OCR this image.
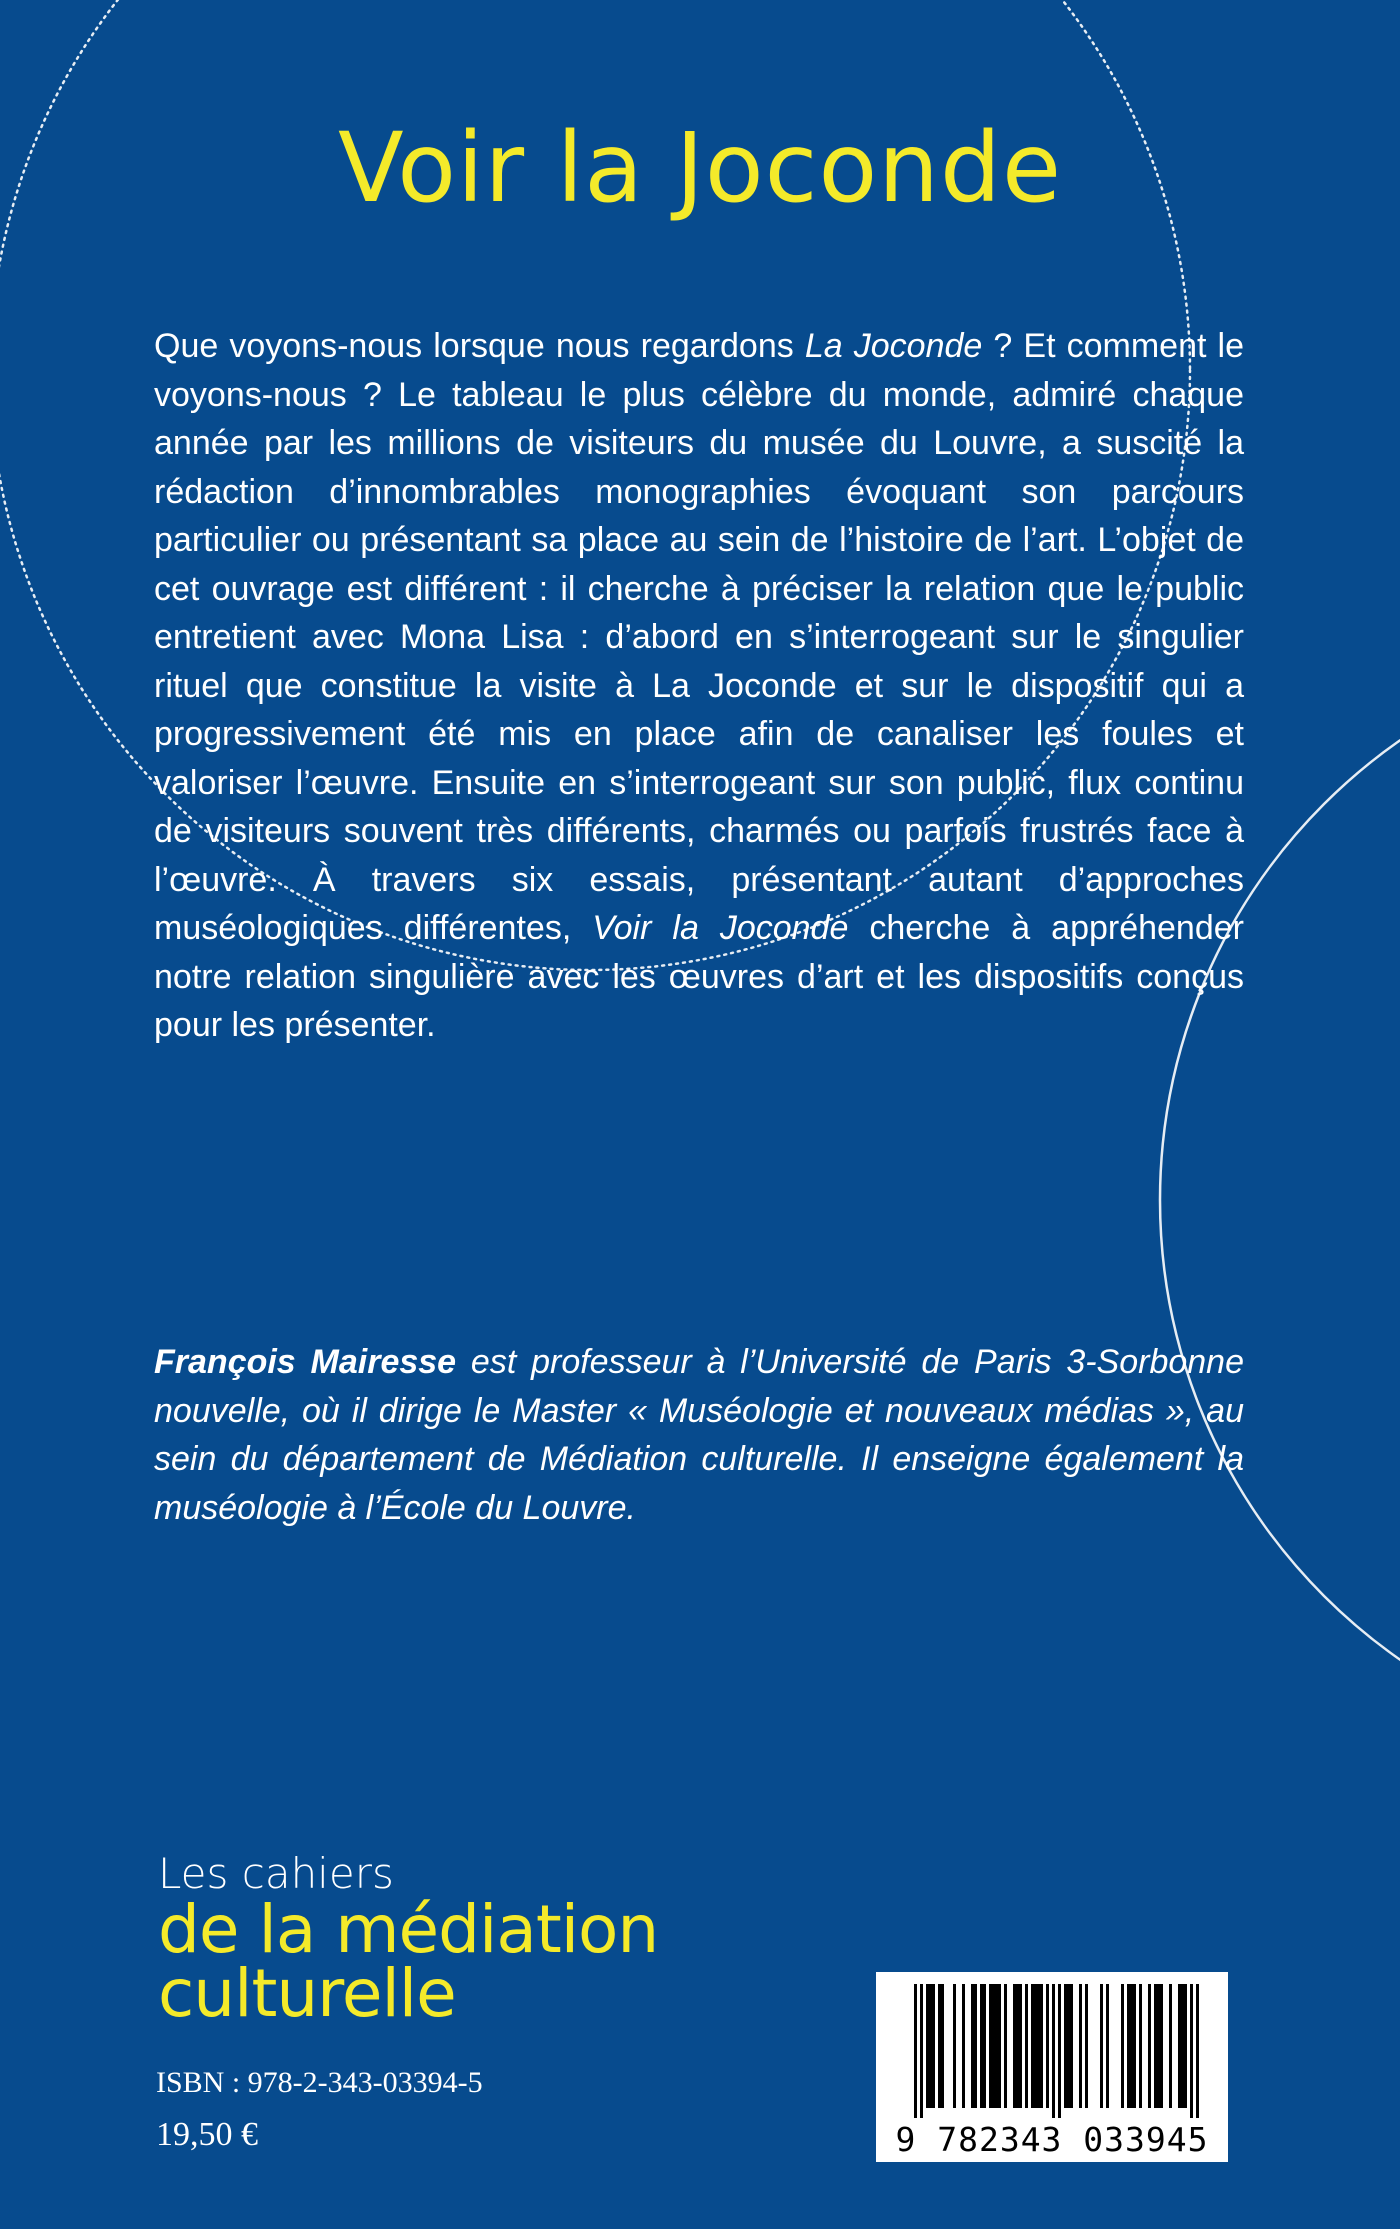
Voir la Joconde

Que voyons-nous lorsque nous regardons La Joconde ? Et comment le voyons-nous ? Le tableau le plus célèbre du monde, admiré chaque année par les millions de visiteurs du musée du Louvre, a suscité la rédaction d’innombrables monographies évoquant son parcours particulier ou présentant sa place au sein de l’histoire de l’art. L’objet de cet ouvrage est différent : il cherche à préciser la relation que le public entretient avec Mona Lisa : d’abord en s’interrogeant sur le singulier rituel que constitue la visite à La Joconde et sur le dispositif qui a progressivement été mis en place afin de canaliser les foules et valoriser l’œuvre. Ensuite en s’interrogeant sur son public, flux continu de visiteurs souvent très différents, charmés ou parfois frustrés face à l’œuvre. À travers six essais, présentant autant d’approches muséologiques différentes, Voir la Joconde cherche à appréhender notre relation singulière avec les œuvres d’art et les dispositifs conçus pour les présenter.

François Mairesse est professeur à l’Université de Paris 3-Sorbonne nouvelle, où il dirige le Master « Muséologie et nouveaux médias », au sein du département de Médiation culturelle. Il enseigne également la muséologie à l’École du Louvre.

Les cahiers
de la médiation
culturelle
ISBN : 978-2-343-03394-5
19,50 €	9 782343 033945
